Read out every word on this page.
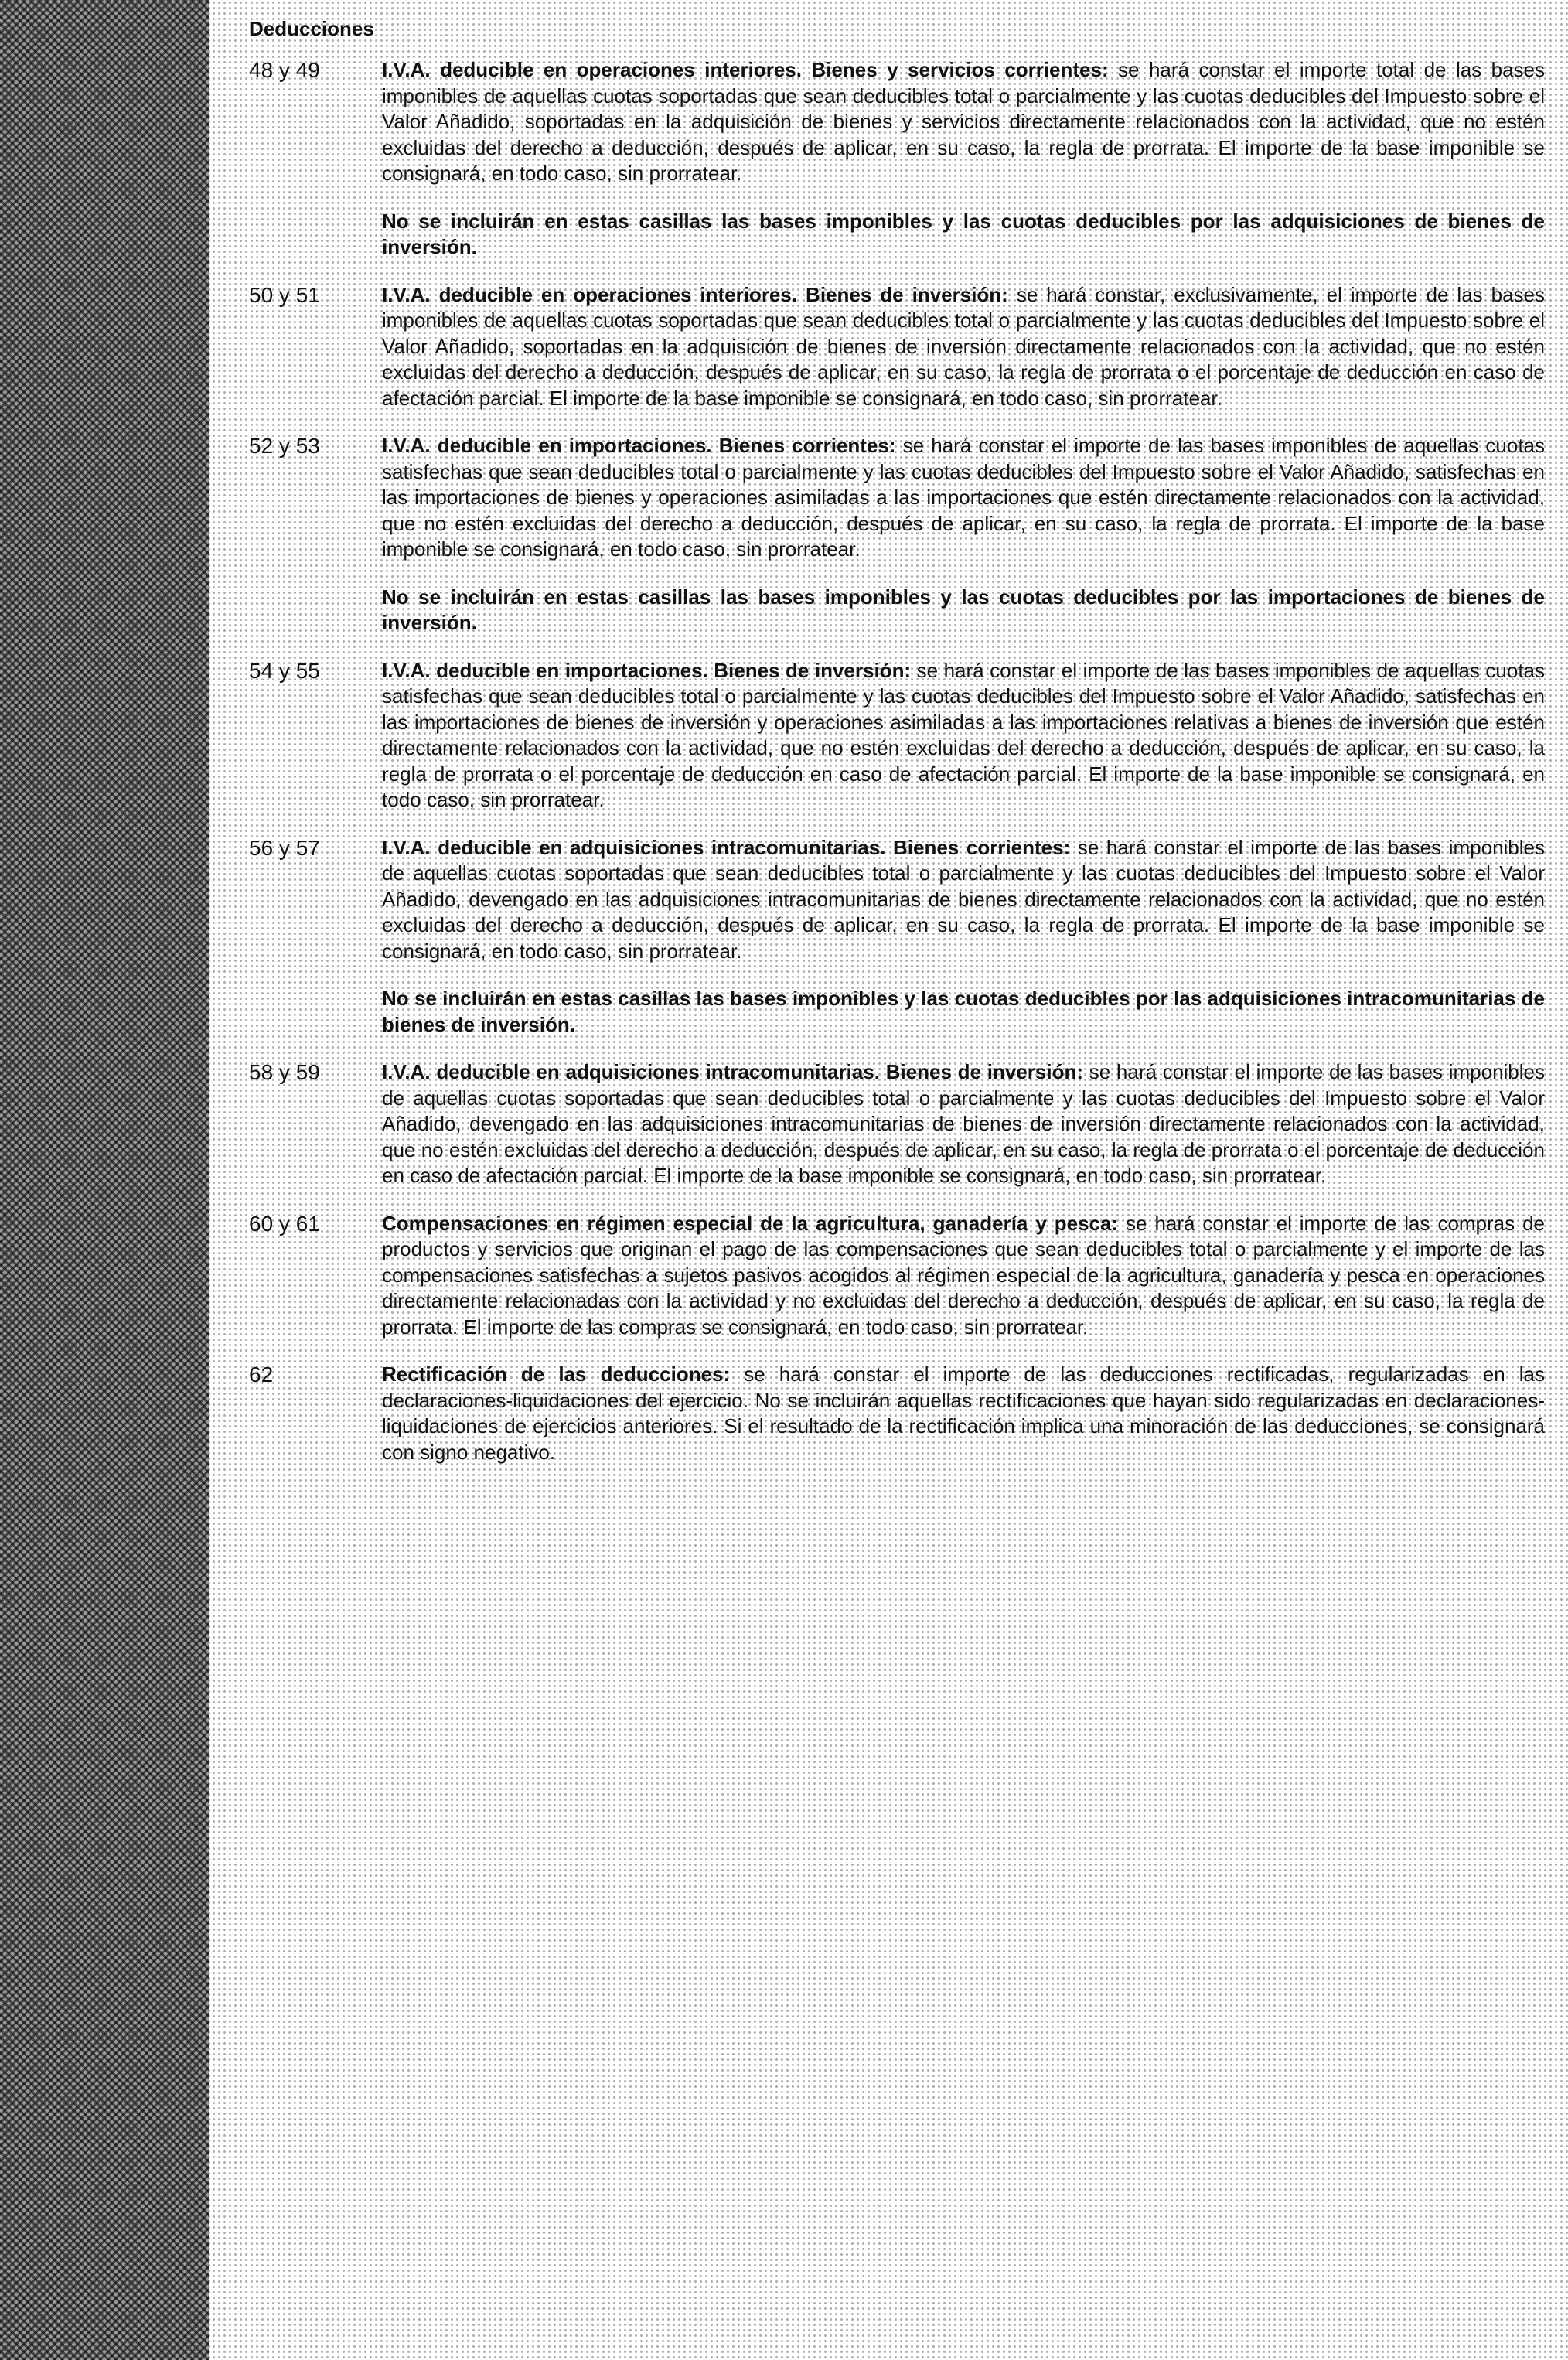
Deducciones
48 y 49	I.V.A. deducible en operaciones interiores. Bienes y servicios corrientes: se hará constar el importe total de las bases imponibles de aquellas cuotas soportadas que sean deducibles total o parcialmente y las cuotas deducibles del Impuesto sobre el Valor Añadido, soportadas en la adquisición de bienes y servicios directamente relacionados con la actividad, que no estén excluidas del derecho a deducción, después de aplicar, en su caso, la regla de prorrata. El importe de la base imponible se consignará, en todo caso, sin prorratear.

No se incluirán en estas casillas las bases imponibles y las cuotas deducibles por las adquisiciones de bienes de inversión.

50 y 51	I.V.A. deducible en operaciones interiores. Bienes de inversión: se hará constar, exclusivamente, el importe de las bases imponibles de aquellas cuotas soportadas que sean deducibles total o parcialmente y las cuotas deducibles del Impuesto sobre el Valor Añadido, soportadas en la adquisición de bienes de inversión directamente relacionados con la actividad, que no estén excluidas del derecho a deducción, después de aplicar, en su caso, la regla de prorrata o el porcentaje de deducción en caso de afectación parcial. El importe de la base imponible se consignará, en todo caso, sin prorratear.

52 y 53	I.V.A. deducible en importaciones. Bienes corrientes: se hará constar el importe de las bases imponibles de aquellas cuotas satisfechas que sean deducibles total o parcialmente y las cuotas deducibles del Impuesto sobre el Valor Añadido, satisfechas en las importaciones de bienes y operaciones asimiladas a las importaciones que estén directamente relacionados con la actividad, que no estén excluidas del derecho a deducción, después de aplicar, en su caso, la regla de prorrata. El importe de la base imponible se consignará, en todo caso, sin prorratear.

No se incluirán en estas casillas las bases imponibles y las cuotas deducibles por las importaciones de bienes de inversión.

54 y 55	I.V.A. deducible en importaciones. Bienes de inversión: se hará constar el importe de las bases imponibles de aquellas cuotas satisfechas que sean deducibles total o parcialmente y las cuotas deducibles del Impuesto sobre el Valor Añadido, satisfechas en las importaciones de bienes de inversión y operaciones asimiladas a las importaciones relativas a bienes de inversión que estén directamente relacionados con la actividad, que no estén excluidas del derecho a deducción, después de aplicar, en su caso, la regla de prorrata o el porcentaje de deducción en caso de afectación parcial. El importe de la base imponible se consignará, en todo caso, sin prorratear.

56 y 57	I.V.A. deducible en adquisiciones intracomunitarias. Bienes corrientes: se hará constar el importe de las bases imponibles de aquellas cuotas soportadas que sean deducibles total o parcialmente y las cuotas deducibles del Impuesto sobre el Valor Añadido, devengado en las adquisiciones intracomunitarias de bienes directamente relacionados con la actividad, que no estén excluidas del derecho a deducción, después de aplicar, en su caso, la regla de prorrata. El importe de la base imponible se consignará, en todo caso, sin prorratear.

No se incluirán en estas casillas las bases imponibles y las cuotas deducibles por las adquisiciones intracomunitarias de bienes de inversión.

58 y 59	I.V.A. deducible en adquisiciones intracomunitarias. Bienes de inversión: se hará constar el importe de las bases imponibles de aquellas cuotas soportadas que sean deducibles total o parcialmente y las cuotas deducibles del Impuesto sobre el Valor Añadido, devengado en las adquisiciones intracomunitarias de bienes de inversión directamente relacionados con la actividad, que no estén excluidas del derecho a deducción, después de aplicar, en su caso, la regla de prorrata o el porcentaje de deducción en caso de afectación parcial. El importe de la base imponible se consignará, en todo caso, sin prorratear.

60 y 61	Compensaciones en régimen especial de la agricultura, ganadería y pesca: se hará constar el importe de las compras de productos y servicios que originan el pago de las compensaciones que sean deducibles total o parcialmente y el importe de las compensaciones satisfechas a sujetos pasivos acogidos al régimen especial de la agricultura, ganadería y pesca en operaciones directamente relacionadas con la actividad y no excluidas del derecho a deducción, después de aplicar, en su caso, la regla de prorrata. El importe de las compras se consignará, en todo caso, sin prorratear.

62	Rectificación de las deducciones: se hará constar el importe de las deducciones rectificadas, regularizadas en las declaraciones-liquidaciones del ejercicio. No se incluirán aquellas rectificaciones que hayan sido regularizadas en declaraciones-liquidaciones de ejercicios anteriores. Si el resultado de la rectificación implica una minoración de las deducciones, se consignará con signo negativo.
